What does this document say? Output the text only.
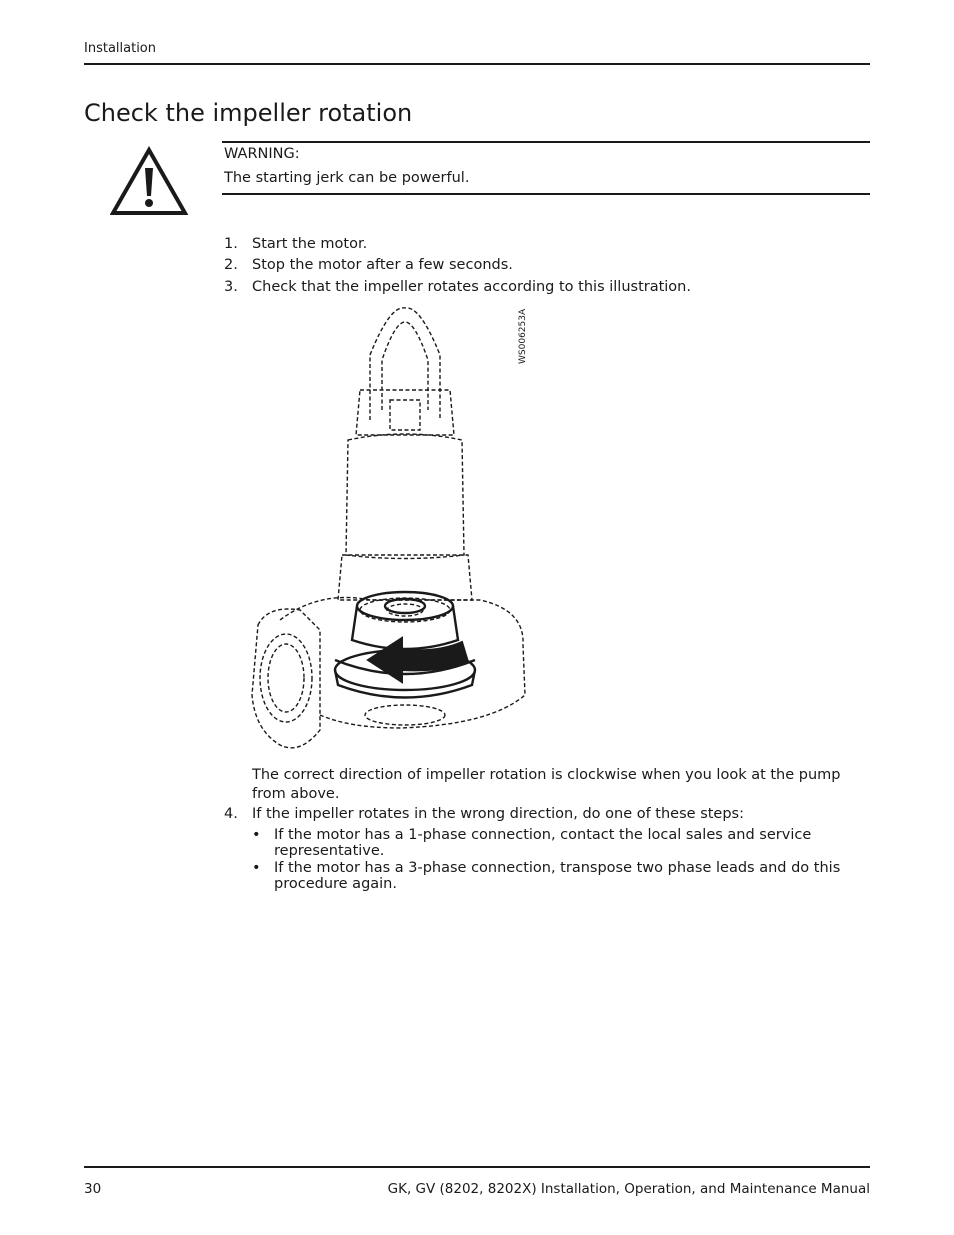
Installation
Check the impeller rotation
WARNING:
The starting jerk can be powerful.
1. Start the motor.
2. Stop the motor after a few seconds.
3. Check that the impeller rotates according to this illustration.
WS006253A
The correct direction of impeller rotation is clockwise when you look at the pump from above.
4. If the impeller rotates in the wrong direction, do one of these steps:
• If the motor has a 1-phase connection, contact the local sales and service representative.
• If the motor has a 3-phase connection, transpose two phase leads and do this procedure again.
30	GK, GV (8202, 8202X) Installation, Operation, and Maintenance Manual
